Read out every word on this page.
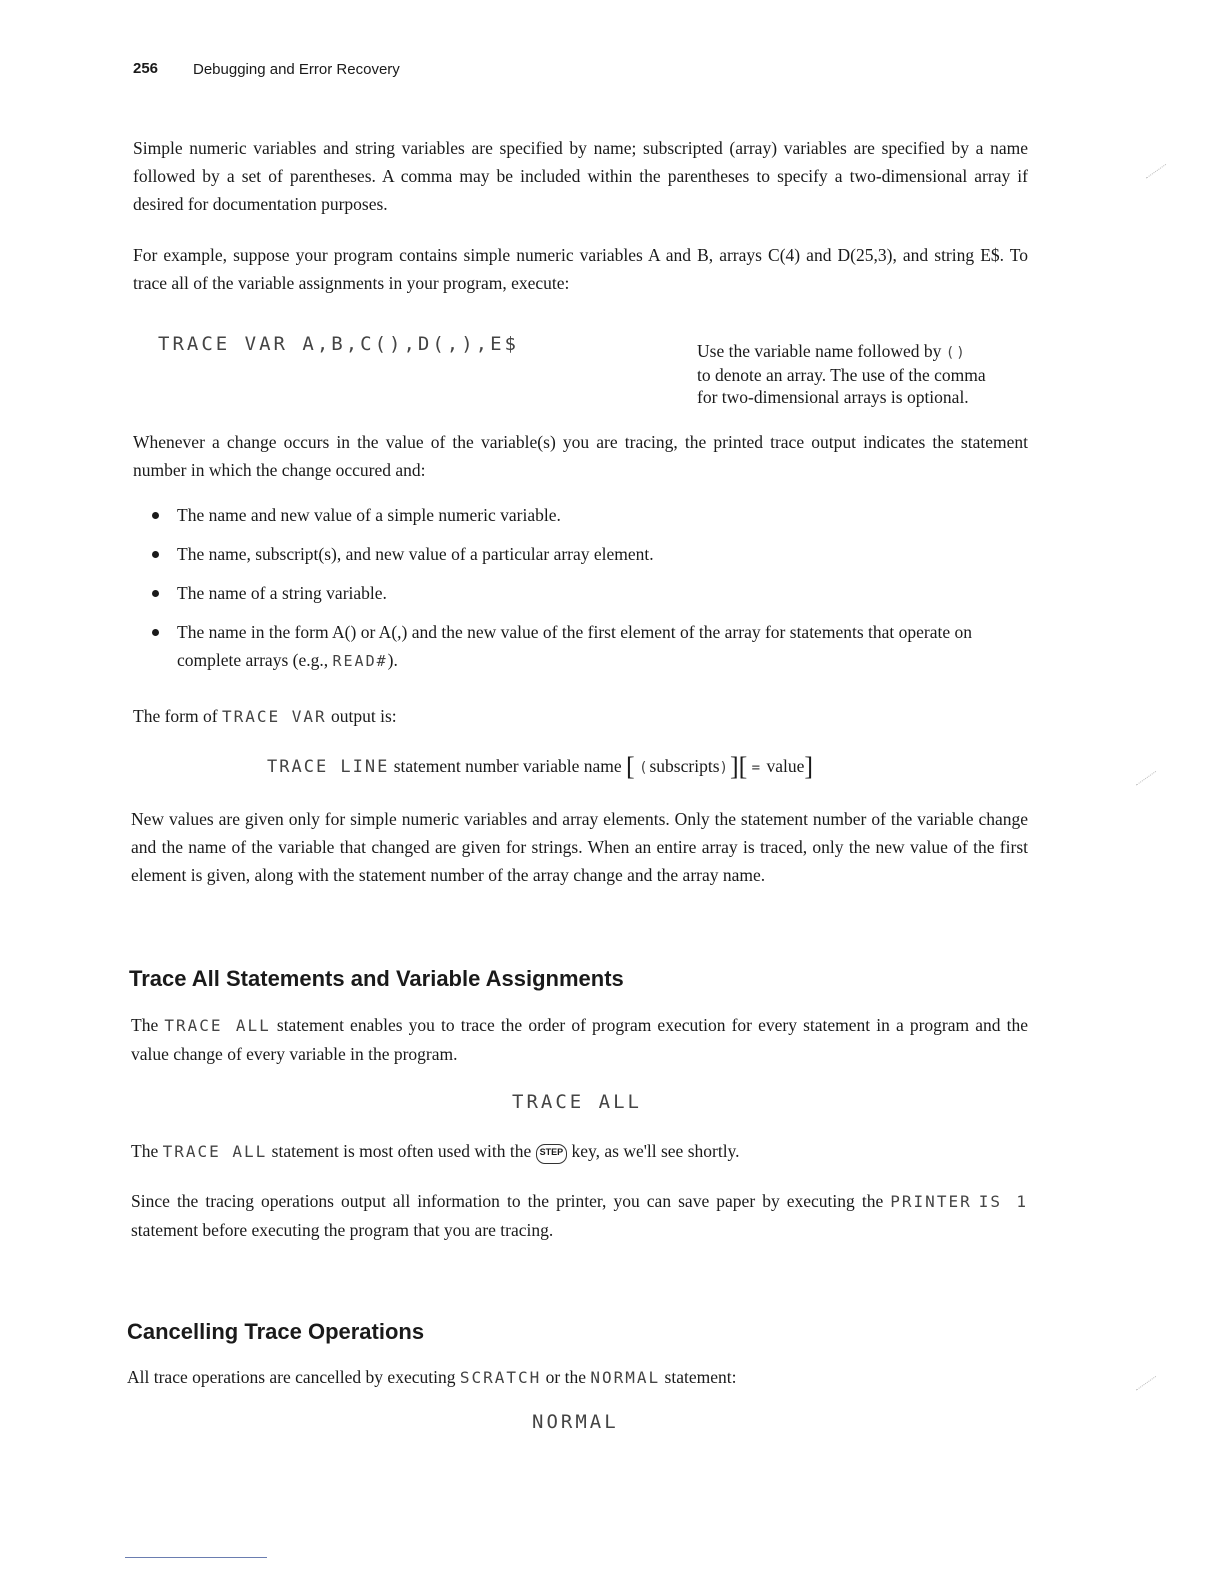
256 Debugging and Error Recovery
Simple numeric variables and string variables are specified by name; subscripted (array) variables are specified by a name followed by a set of parentheses. A comma may be included within the parentheses to specify a two-dimensional array if desired for documentation purposes.
For example, suppose your program contains simple numeric variables A and B, arrays C(4) and D(25,3), and string E$. To trace all of the variable assignments in your program, execute:
TRACE VAR A,B,C(),D(,),E$	Use the variable name followed by ()
to denote an array. The use of the comma
for two-dimensional arrays is optional.
Whenever a change occurs in the value of the variable(s) you are tracing, the printed trace output indicates the statement number in which the change occured and:
The name and new value of a simple numeric variable.
The name, subscript(s), and new value of a particular array element.
The name of a string variable.
The name in the form A() or A(,) and the new value of the first element of the array for statements that operate on complete arrays (e.g., READ#).
The form of TRACE VAR output is:
TRACE LINE statement number variable name [ (subscripts)][ = value]
New values are given only for simple numeric variables and array elements. Only the statement number of the variable change and the name of the variable that changed are given for strings. When an entire array is traced, only the new value of the first element is given, along with the statement number of the array change and the array name.
Trace All Statements and Variable Assignments
The TRACE ALL statement enables you to trace the order of program execution for every statement in a program and the value change of every variable in the program.
TRACE ALL
The TRACE ALL statement is most often used with the STEP key, as we'll see shortly.
Since the tracing operations output all information to the printer, you can save paper by executing the PRINTER IS 1 statement before executing the program that you are tracing.
Cancelling Trace Operations
All trace operations are cancelled by executing SCRATCH or the NORMAL statement:
NORMAL
